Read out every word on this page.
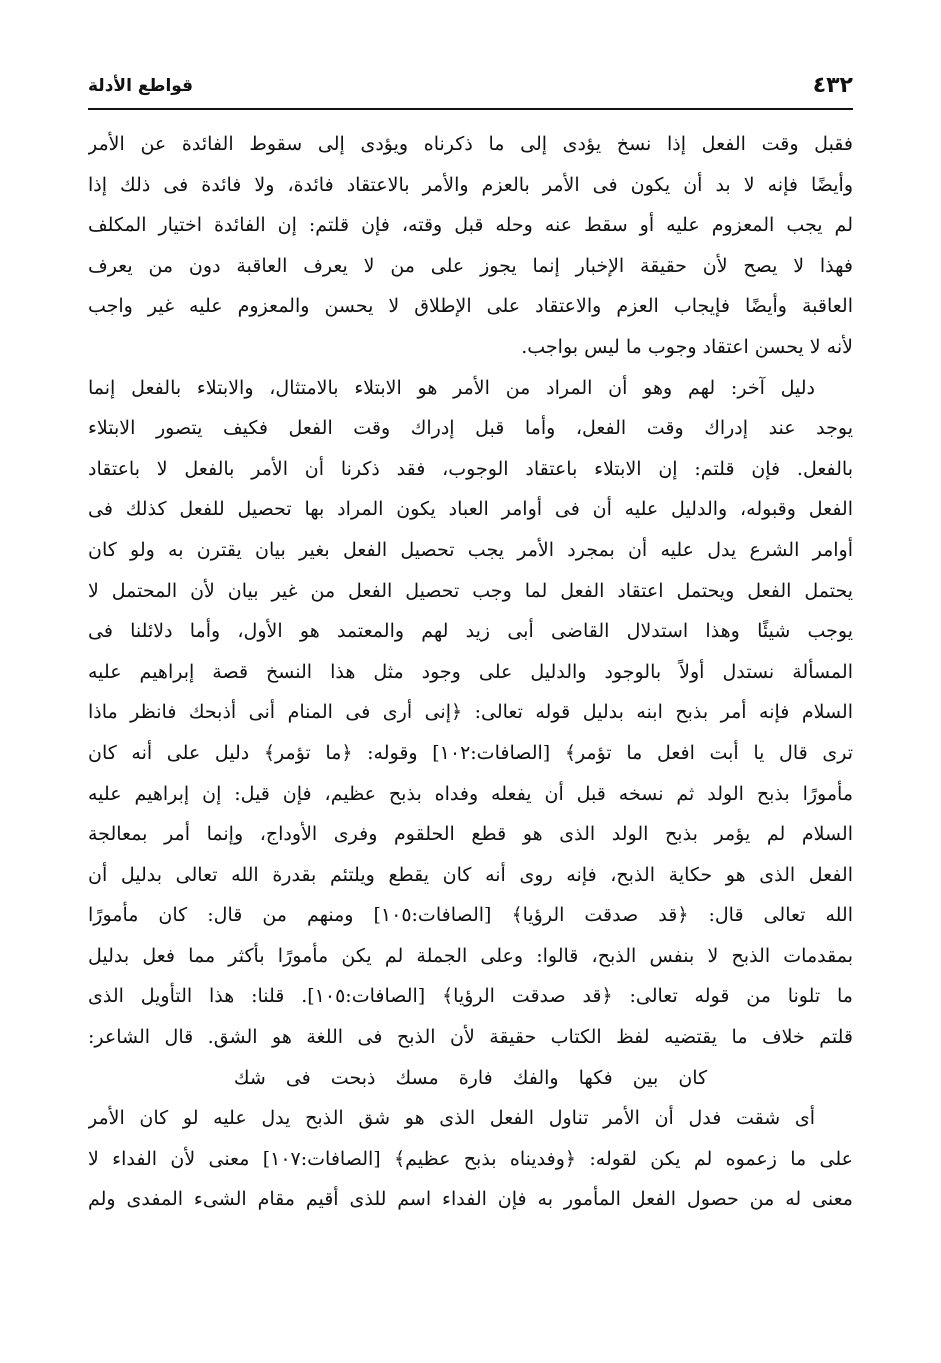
٤٣٢
قواطع الأدلة
فقبل وقت الفعل إذا نسخ يؤدى إلى ما ذكرناه ويؤدى إلى سقوط الفائدة عن الأمر
وأيضًا فإنه لا بد أن يكون فى الأمر بالعزم والأمر بالاعتقاد فائدة، ولا فائدة فى ذلك إذا
لم يجب المعزوم عليه أو سقط عنه وحله قبل وقته، فإن قلتم: إن الفائدة اختيار المكلف
فهذا لا يصح لأن حقيقة الإخبار إنما يجوز على من لا يعرف العاقبة دون من يعرف
العاقبة وأيضًا فإيجاب العزم والاعتقاد على الإطلاق لا يحسن والمعزوم عليه غير واجب
لأنه لا يحسن اعتقاد وجوب ما ليس بواجب.
دليل آخر: لهم وهو أن المراد من الأمر هو الابتلاء بالامتثال، والابتلاء بالفعل إنما
يوجد عند إدراك وقت الفعل، وأما قبل إدراك وقت الفعل فكيف يتصور الابتلاء
بالفعل. فإن قلتم: إن الابتلاء باعتقاد الوجوب، فقد ذكرنا أن الأمر بالفعل لا باعتقاد
الفعل وقبوله، والدليل عليه أن فى أوامر العباد يكون المراد بها تحصيل للفعل كذلك فى
أوامر الشرع يدل عليه أن بمجرد الأمر يجب تحصيل الفعل بغير بيان يقترن به ولو كان
يحتمل الفعل ويحتمل اعتقاد الفعل لما وجب تحصيل الفعل من غير بيان لأن المحتمل لا
يوجب شيئًا وهذا استدلال القاضى أبى زيد لهم والمعتمد هو الأول، وأما دلائلنا فى
المسألة نستدل أولاً بالوجود والدليل على وجود مثل هذا النسخ قصة إبراهيم عليه
السلام فإنه أمر بذبح ابنه بدليل قوله تعالى: ﴿إنى أرى فى المنام أنى أذبحك فانظر ماذا
ترى قال يا أبت افعل ما تؤمر﴾ [الصافات:١٠٢] وقوله: ﴿ما تؤمر﴾ دليل على أنه كان
مأمورًا بذبح الولد ثم نسخه قبل أن يفعله وفداه بذبح عظيم، فإن قيل: إن إبراهيم عليه
السلام لم يؤمر بذبح الولد الذى هو قطع الحلقوم وفرى الأوداج، وإنما أمر بمعالجة
الفعل الذى هو حكاية الذبح، فإنه روى أنه كان يقطع ويلتئم بقدرة الله تعالى بدليل أن
الله تعالى قال: ﴿قد صدقت الرؤيا﴾ [الصافات:١٠٥] ومنهم من قال: كان مأمورًا
بمقدمات الذبح لا بنفس الذبح، قالوا: وعلى الجملة لم يكن مأمورًا بأكثر مما فعل بدليل
ما تلونا من قوله تعالى: ﴿قد صدقت الرؤيا﴾ [الصافات:١٠٥]. قلنا: هذا التأويل الذى
قلتم خلاف ما يقتضيه لفظ الكتاب حقيقة لأن الذبح فى اللغة هو الشق. قال الشاعر:
كان بين فكها والفك فارة مسك ذبحت فى شك
أى شقت فدل أن الأمر تناول الفعل الذى هو شق الذبح يدل عليه لو كان الأمر
على ما زعموه لم يكن لقوله: ﴿وفديناه بذبح عظيم﴾ [الصافات:١٠٧] معنى لأن الفداء لا
معنى له من حصول الفعل المأمور به فإن الفداء اسم للذى أقيم مقام الشىء المفدى ولم
